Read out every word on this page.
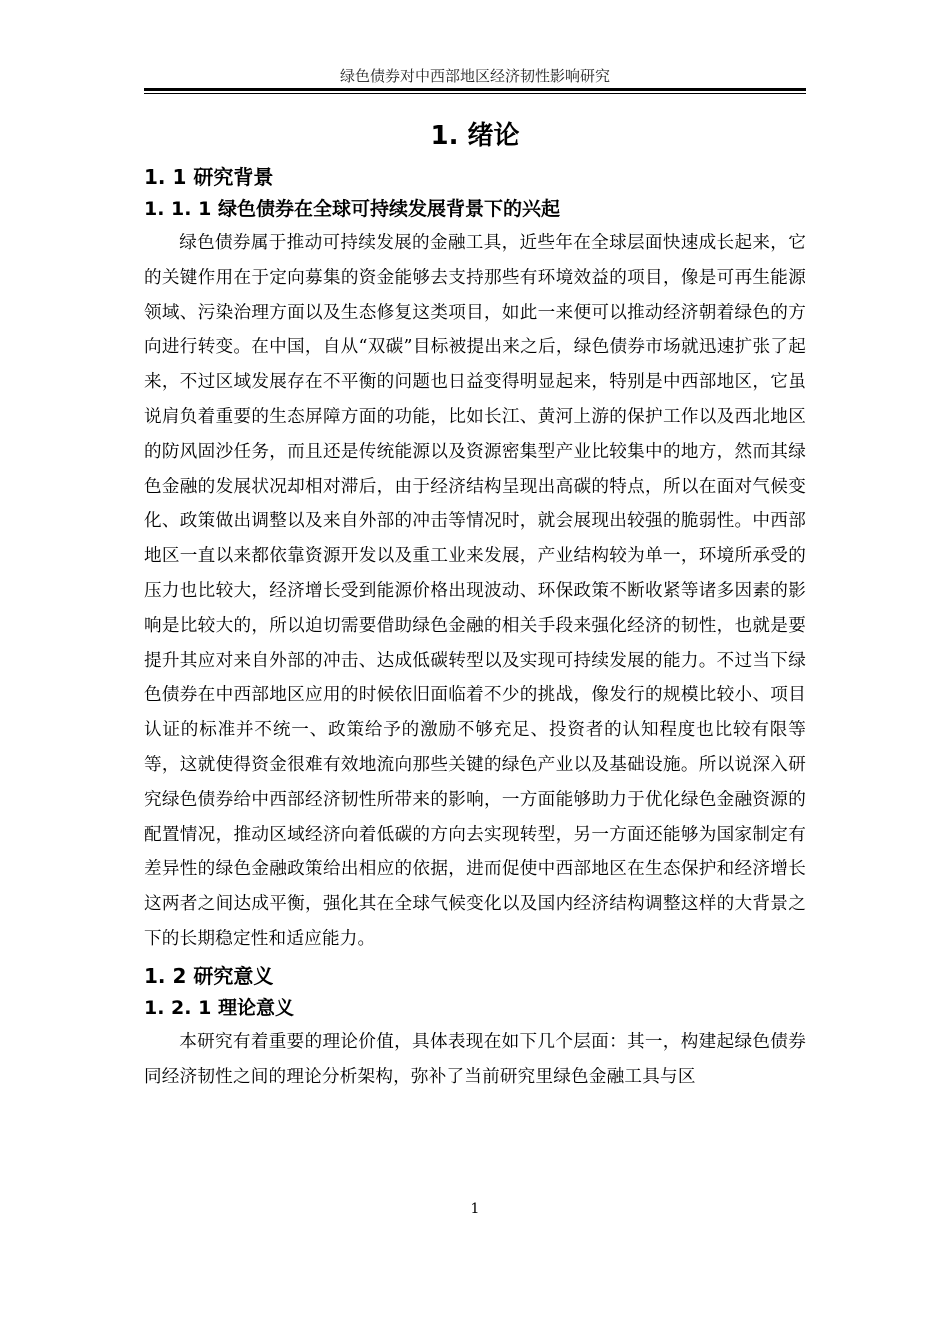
绿色债券对中西部地区经济韧性影响研究
1. 绪论
1. 1 研究背景
1. 1. 1 绿色债券在全球可持续发展背景下的兴起

绿色债券属于推动可持续发展的金融工具，近些年在全球层面快速成长起来，它的关键作用在于定向募集的资金能够去支持那些有环境效益的项目，像是可再生能源领域、污染治理方面以及生态修复这类项目，如此一来便可以推动经济朝着绿色的方向进行转变。在中国，自从“双碳”目标被提出来之后，绿色债券市场就迅速扩张了起来，不过区域发展存在不平衡的问题也日益变得明显起来，特别是中西部地区，它虽说肩负着重要的生态屏障方面的功能，比如长江、黄河上游的保护工作以及西北地区的防风固沙任务，而且还是传统能源以及资源密集型产业比较集中的地方，然而其绿色金融的发展状况却相对滞后，由于经济结构呈现出高碳的特点，所以在面对气候变化、政策做出调整以及来自外部的冲击等情况时，就会展现出较强的脆弱性。中西部地区一直以来都依靠资源开发以及重工业来发展，产业结构较为单一，环境所承受的压力也比较大，经济增长受到能源价格出现波动、环保政策不断收紧等诸多因素的影响是比较大的，所以迫切需要借助绿色金融的相关手段来强化经济的韧性，也就是要提升其应对来自外部的冲击、达成低碳转型以及实现可持续发展的能力。不过当下绿色债券在中西部地区应用的时候依旧面临着不少的挑战，像发行的规模比较小、项目认证的标准并不统一、政策给予的激励不够充足、投资者的认知程度也比较有限等等，这就使得资金很难有效地流向那些关键的绿色产业以及基础设施。所以说深入研究绿色债券给中西部经济韧性所带来的影响，一方面能够助力于优化绿色金融资源的配置情况，推动区域经济向着低碳的方向去实现转型，另一方面还能够为国家制定有差异性的绿色金融政策给出相应的依据，进而促使中西部地区在生态保护和经济增长这两者之间达成平衡，强化其在全球气候变化以及国内经济结构调整这样的大背景之下的长期稳定性和适应能力。

1. 2 研究意义
1. 2. 1 理论意义

本研究有着重要的理论价值，具体表现在如下几个层面：其一，构建起绿色债券同经济韧性之间的理论分析架构，弥补了当前研究里绿色金融工具与区

1
